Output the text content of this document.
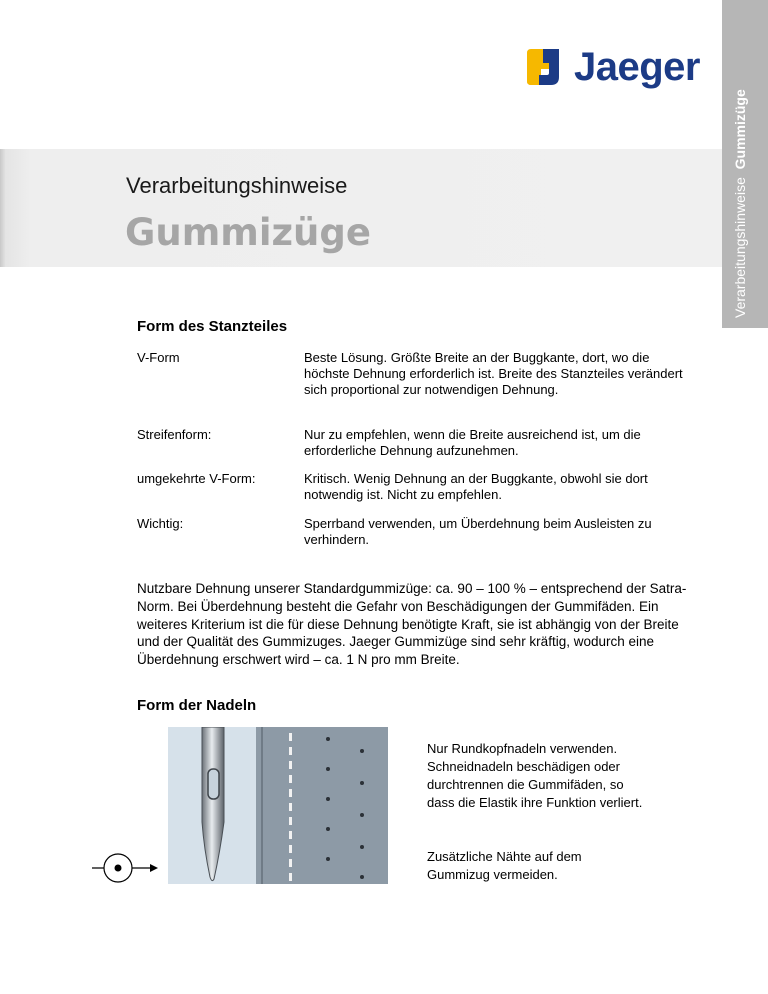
Jaeger
Verarbeitungshinweise  Gummizüge
Verarbeitungshinweise
Gummizüge
Form des Stanzteiles
V-Form	Beste Lösung. Größte Breite an der Buggkante, dort, wo die höchste Dehnung erforderlich ist. Breite des Stanzteiles verändert sich proportional zur notwendigen Dehnung.
Streifenform:	Nur zu empfehlen, wenn die Breite ausreichend ist, um die erforderliche Dehnung aufzunehmen.
umgekehrte V-Form:	Kritisch. Wenig Dehnung an der Buggkante, obwohl sie dort notwendig ist. Nicht zu empfehlen.
Wichtig:	Sperrband verwenden, um Überdehnung beim Ausleisten zu verhindern.
Nutzbare Dehnung unserer Standardgummizüge: ca. 90 – 100 % – entsprechend der Satra-Norm. Bei Überdehnung besteht die Gefahr von Beschädigungen der Gummifäden. Ein weiteres Kriterium ist die für diese Dehnung benötigte Kraft, sie ist abhängig von der Breite und der Qualität des Gummizuges. Jaeger Gummizüge sind sehr kräftig, wodurch eine Überdehnung erschwert wird – ca. 1 N pro mm Breite.
Form der Nadeln
Nur Rundkopfnadeln verwenden. Schneidnadeln beschädigen oder durchtrennen die Gummifäden, so dass die Elastik ihre Funktion verliert.
Zusätzliche Nähte auf dem Gummizug vermeiden.
